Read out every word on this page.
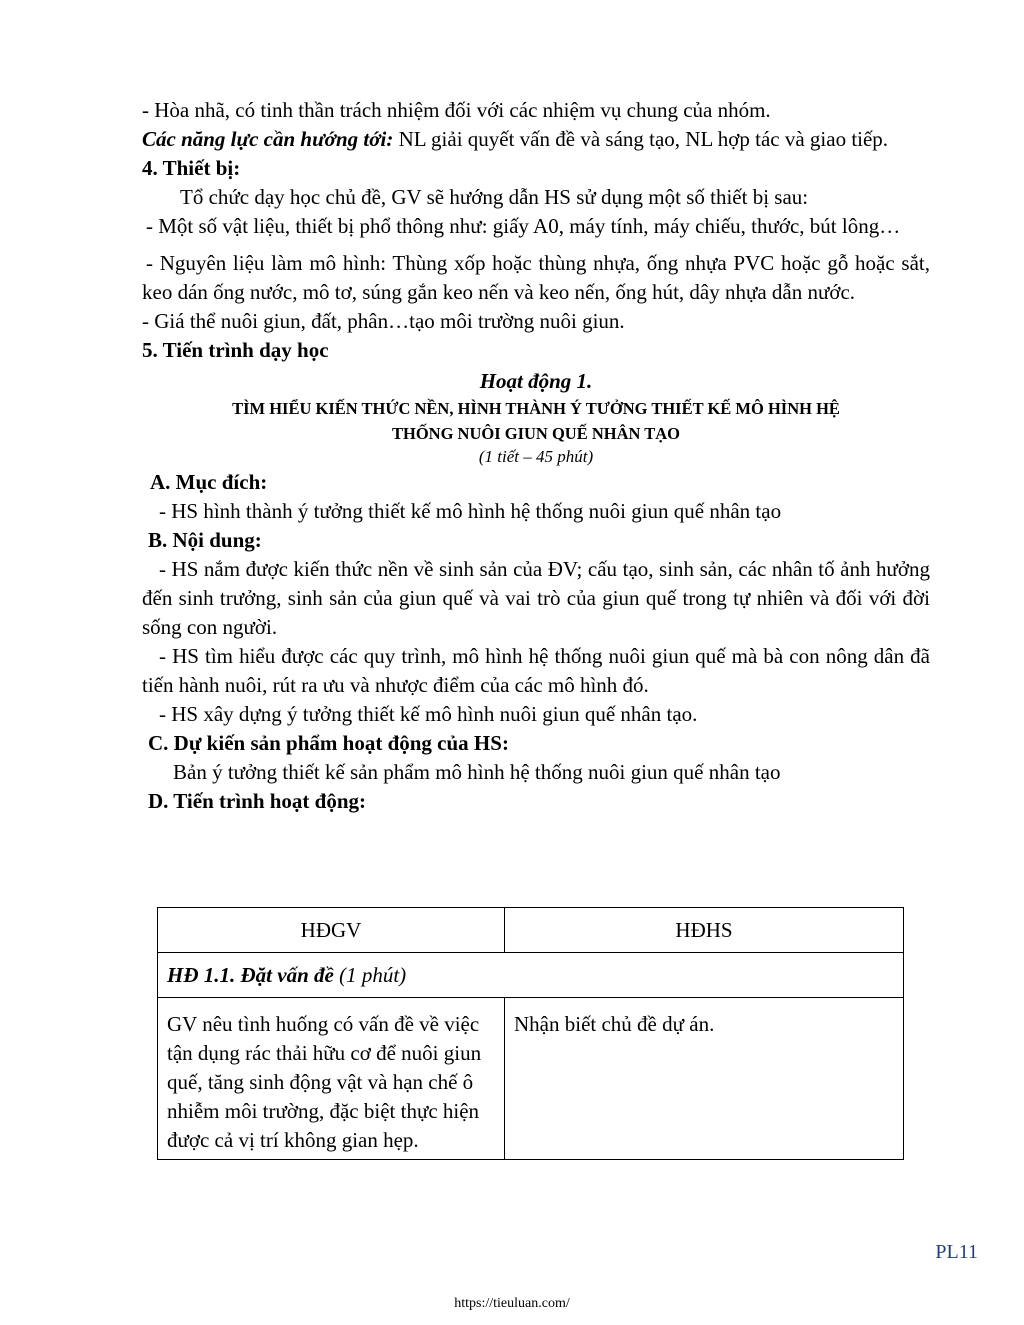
- Hòa nhã, có tinh thần trách nhiệm đối với các nhiệm vụ chung của nhóm.

Các năng lực cần hướng tới: NL giải quyết vấn đề và sáng tạo, NL hợp tác và giao tiếp.

4. Thiết bị:

Tổ chức dạy học chủ đề, GV sẽ hướng dẫn HS sử dụng một số thiết bị sau:

- Một số vật liệu, thiết bị phổ thông như: giấy A0, máy tính, máy chiếu, thước, bút lông…

- Nguyên liệu làm mô hình: Thùng xốp hoặc thùng nhựa, ống nhựa PVC hoặc gỗ hoặc sắt, keo dán ống nước, mô tơ, súng gắn keo nến và keo nến, ống hút, dây nhựa dẫn nước.

- Giá thể nuôi giun, đất, phân…tạo môi trường nuôi giun.

5. Tiến trình dạy học

Hoạt động 1.

TÌM HIỂU KIẾN THỨC NỀN, HÌNH THÀNH Ý TƯỞNG THIẾT KẾ MÔ HÌNH HỆ

THỐNG NUÔI GIUN QUẾ NHÂN TẠO

(1 tiết – 45 phút)

A. Mục đích:

- HS hình thành ý tưởng thiết kế mô hình hệ thống nuôi giun quế nhân tạo

B. Nội dung:

- HS nắm được kiến thức nền về sinh sản của ĐV; cấu tạo, sinh sản, các nhân tố ảnh hưởng đến sinh trưởng, sinh sản của giun quế và vai trò của giun quế trong tự nhiên và đối với đời sống con người.

- HS tìm hiểu được các quy trình, mô hình hệ thống nuôi giun quế mà bà con nông dân đã tiến hành nuôi, rút ra ưu và nhược điểm của các mô hình đó.

- HS xây dựng ý tưởng thiết kế mô hình nuôi giun quế nhân tạo.

C. Dự kiến sản phẩm hoạt động của HS:

Bản ý tưởng thiết kế sản phẩm mô hình hệ thống nuôi giun quế nhân tạo

D. Tiến trình hoạt động:

HĐGV	HĐHS
HĐ 1.1. Đặt vấn đề (1 phút)	
GV nêu tình huống có vấn đề về việc tận dụng rác thải hữu cơ để nuôi giun quế, tăng sinh động vật và hạn chế ô nhiễm môi trường, đặc biệt thực hiện được cả vị trí không gian hẹp.	Nhận biết chủ đề dự án.
PL11
https://tieuluan.com/
